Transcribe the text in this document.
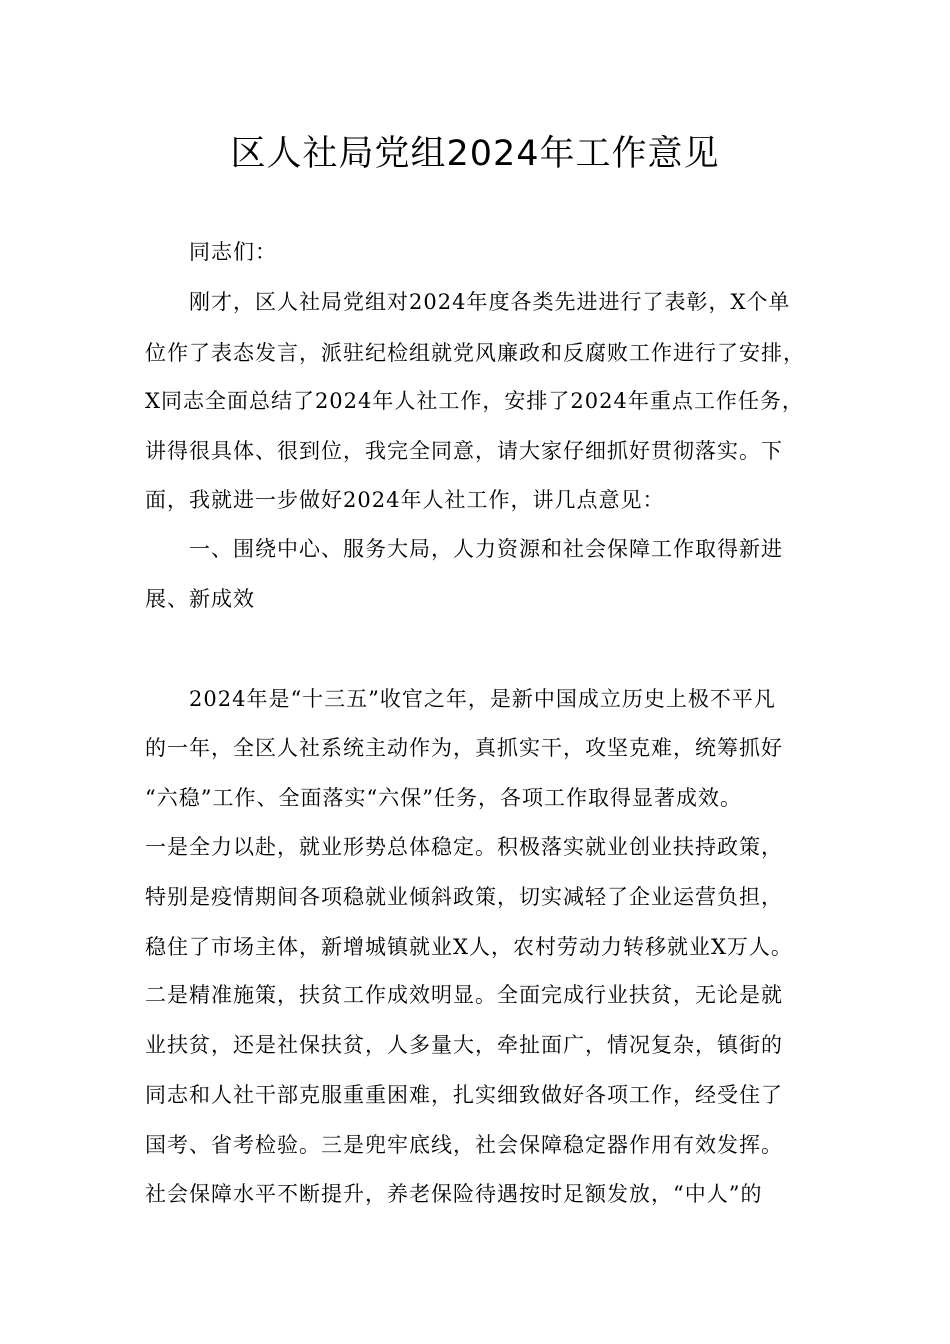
区人社局党组2024年工作意见
　　同志们：
　　刚才，区人社局党组对2024年度各类先进进行了表彰，X个单
位作了表态发言，派驻纪检组就党风廉政和反腐败工作进行了安排，
X同志全面总结了2024年人社工作，安排了2024年重点工作任务，
讲得很具体、很到位，我完全同意，请大家仔细抓好贯彻落实。下
面，我就进一步做好2024年人社工作，讲几点意见：
　　一、围绕中心、服务大局，人力资源和社会保障工作取得新进
展、新成效
　　2024年是“十三五”收官之年，是新中国成立历史上极不平凡
的一年，全区人社系统主动作为，真抓实干，攻坚克难，统筹抓好
“六稳”工作、全面落实“六保”任务，各项工作取得显著成效。
一是全力以赴，就业形势总体稳定。积极落实就业创业扶持政策，
特别是疫情期间各项稳就业倾斜政策，切实减轻了企业运营负担，
稳住了市场主体，新增城镇就业X人，农村劳动力转移就业X万人。
二是精准施策，扶贫工作成效明显。全面完成行业扶贫，无论是就
业扶贫，还是社保扶贫，人多量大，牵扯面广，情况复杂，镇街的
同志和人社干部克服重重困难，扎实细致做好各项工作，经受住了
国考、省考检验。三是兜牢底线，社会保障稳定器作用有效发挥。
社会保障水平不断提升，养老保险待遇按时足额发放，“中人”的
